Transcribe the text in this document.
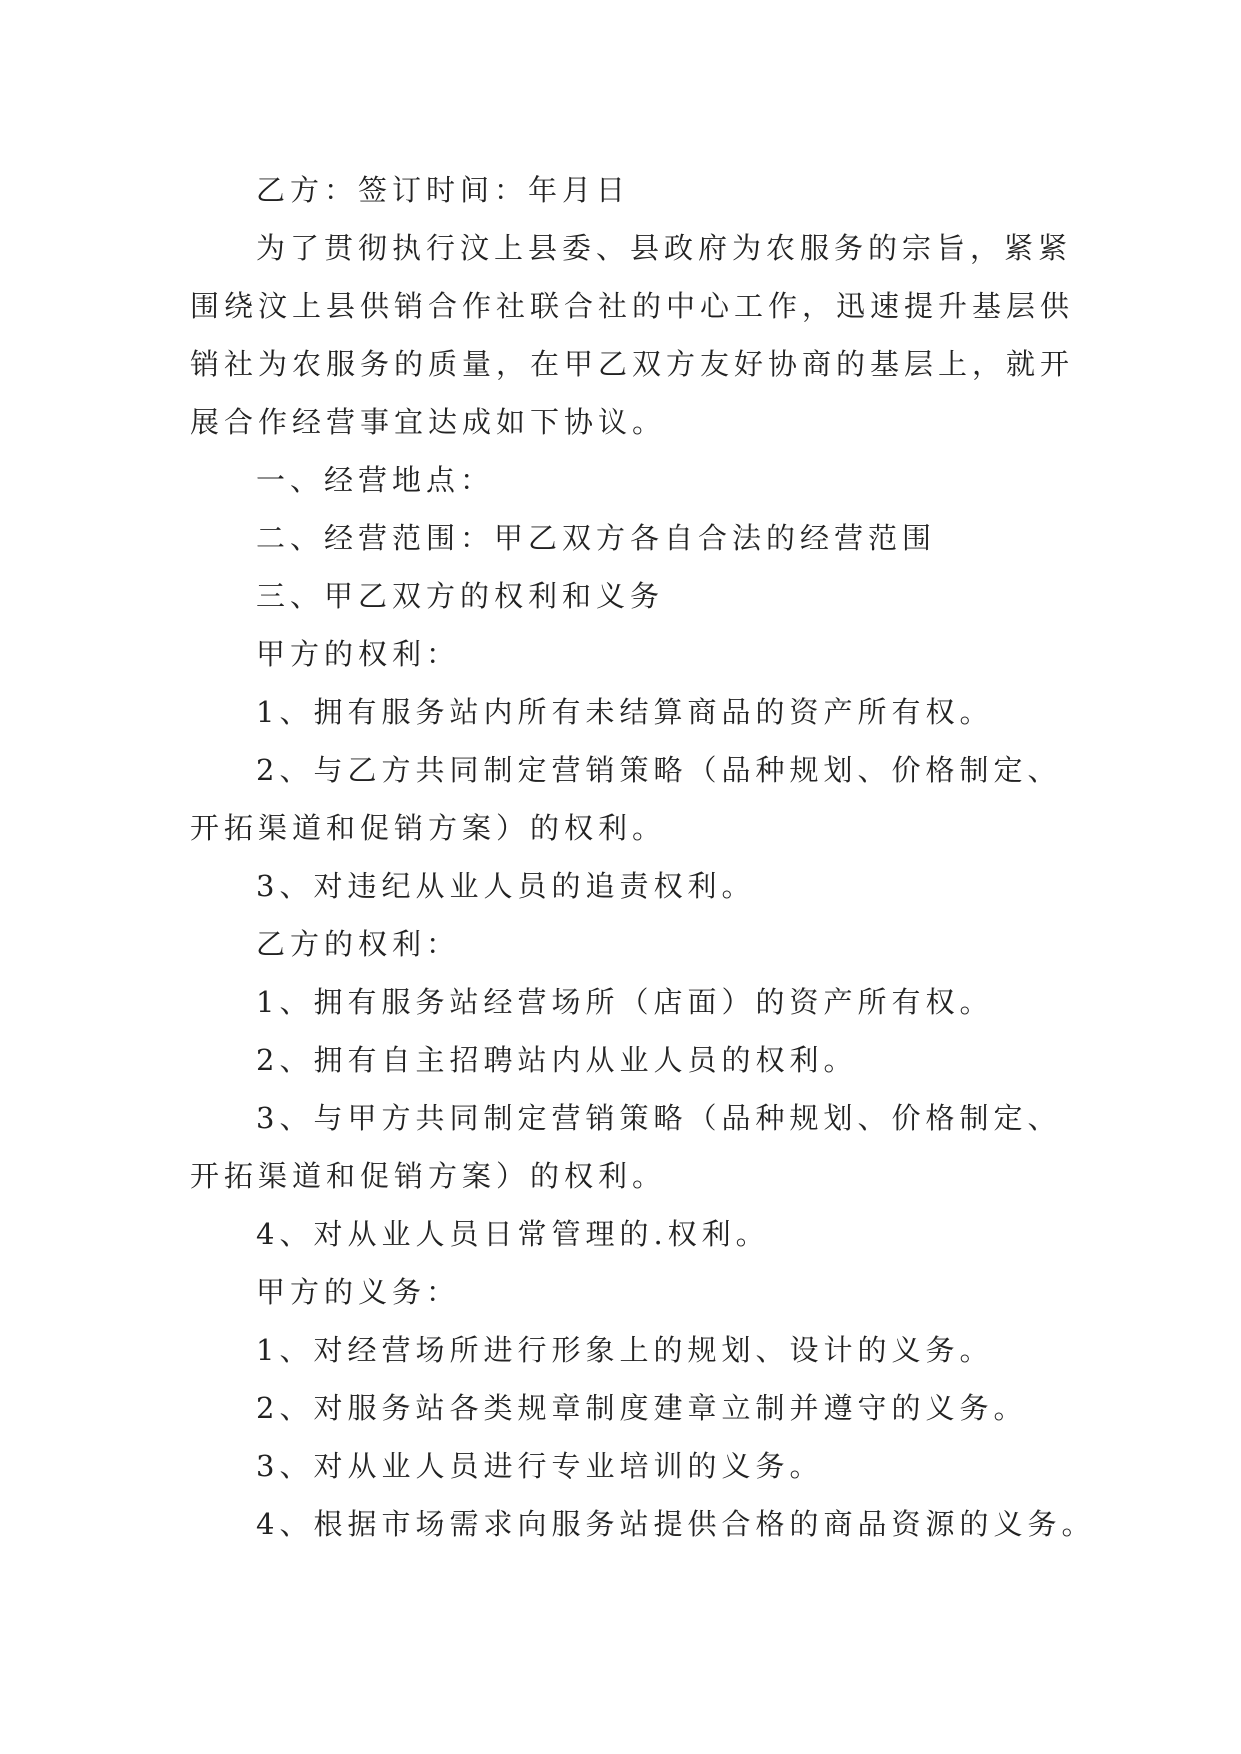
乙方：签订时间：年月日

为了贯彻执行汶上县委、县政府为农服务的宗旨，紧紧
围绕汶上县供销合作社联合社的中心工作，迅速提升基层供
销社为农服务的质量，在甲乙双方友好协商的基层上，就开
展合作经营事宜达成如下协议。

一、经营地点：

二、经营范围：甲乙双方各自合法的经营范围

三、甲乙双方的权利和义务

甲方的权利：

1、拥有服务站内所有未结算商品的资产所有权。

2、与乙方共同制定营销策略（品种规划、价格制定、
开拓渠道和促销方案）的权利。

3、对违纪从业人员的追责权利。

乙方的权利：

1、拥有服务站经营场所（店面）的资产所有权。

2、拥有自主招聘站内从业人员的权利。

3、与甲方共同制定营销策略（品种规划、价格制定、
开拓渠道和促销方案）的权利。

4、对从业人员日常管理的.权利。

甲方的义务：

1、对经营场所进行形象上的规划、设计的义务。

2、对服务站各类规章制度建章立制并遵守的义务。

3、对从业人员进行专业培训的义务。

4、根据市场需求向服务站提供合格的商品资源的义务。
